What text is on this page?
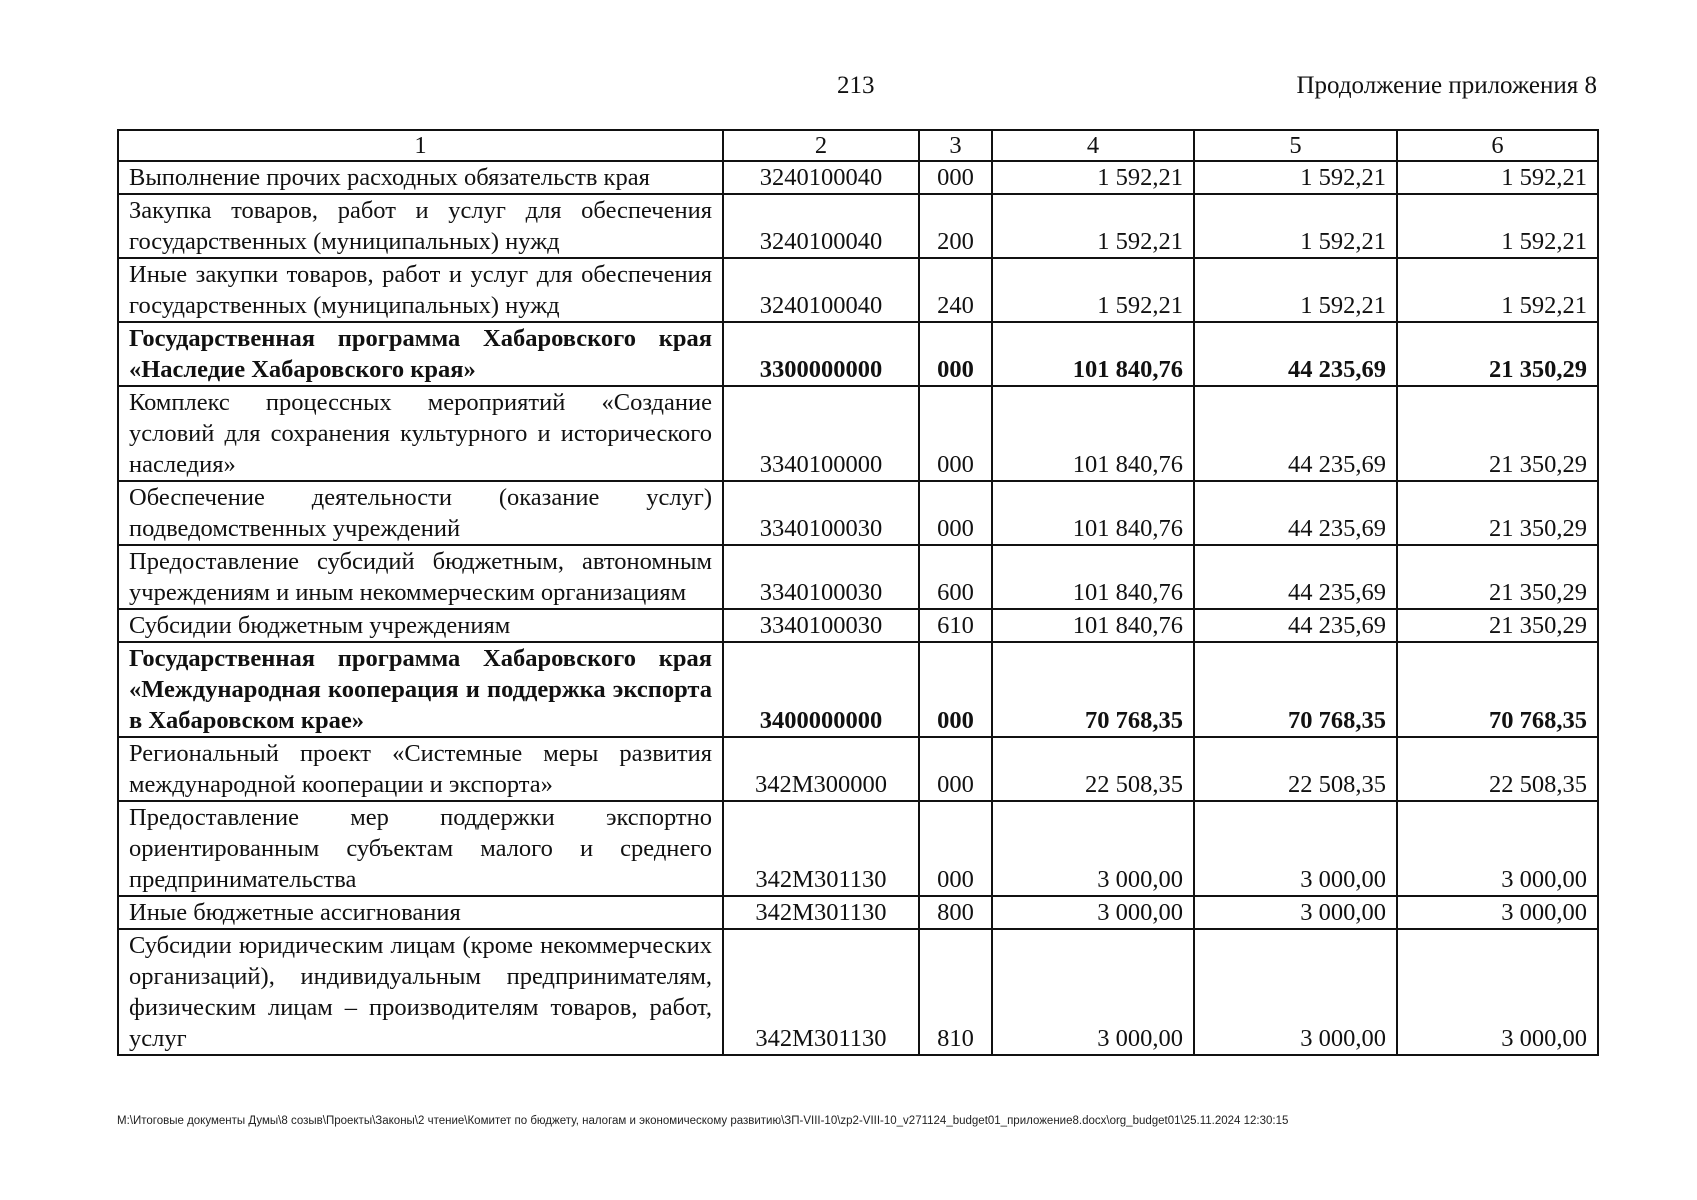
213	Продолжение приложения 8
1	2	3	4	5	6
Выполнение прочих расходных обязательств края	3240100040	000	1 592,21	1 592,21	1 592,21
Закупка товаров, работ и услуг для обеспечения государственных (муниципальных) нужд	3240100040	200	1 592,21	1 592,21	1 592,21
Иные закупки товаров, работ и услуг для обеспечения государственных (муниципальных) нужд	3240100040	240	1 592,21	1 592,21	1 592,21
Государственная программа Хабаровского края «Наследие Хабаровского края»	3300000000	000	101 840,76	44 235,69	21 350,29
Комплекс процессных мероприятий «Создание условий для сохранения культурного и исторического наследия»	3340100000	000	101 840,76	44 235,69	21 350,29
Обеспечение деятельности (оказание услуг) подведомственных учреждений	3340100030	000	101 840,76	44 235,69	21 350,29
Предоставление субсидий бюджетным, автономным учреждениям и иным некоммерческим организациям	3340100030	600	101 840,76	44 235,69	21 350,29
Субсидии бюджетным учреждениям	3340100030	610	101 840,76	44 235,69	21 350,29
Государственная программа Хабаровского края «Международная кооперация и поддержка экспорта в Хабаровском крае»	3400000000	000	70 768,35	70 768,35	70 768,35
Региональный проект «Системные меры развития международной кооперации и экспорта»	342М300000	000	22 508,35	22 508,35	22 508,35
Предоставление мер поддержки экспортно ориентированным субъектам малого и среднего предпринимательства	342М301130	000	3 000,00	3 000,00	3 000,00
Иные бюджетные ассигнования	342М301130	800	3 000,00	3 000,00	3 000,00
Субсидии юридическим лицам (кроме некоммерческих организаций), индивидуальным предпринимателям, физическим лицам – производителям товаров, работ, услуг	342М301130	810	3 000,00	3 000,00	3 000,00
М:\Итоговые документы Думы\8 созыв\Проекты\Законы\2 чтение\Комитет по бюджету, налогам и экономическому развитию\ЗП-VIII-10\zp2-VIII-10_v271124_budget01_приложение8.docx\org_budget01\25.11.2024 12:30:15
